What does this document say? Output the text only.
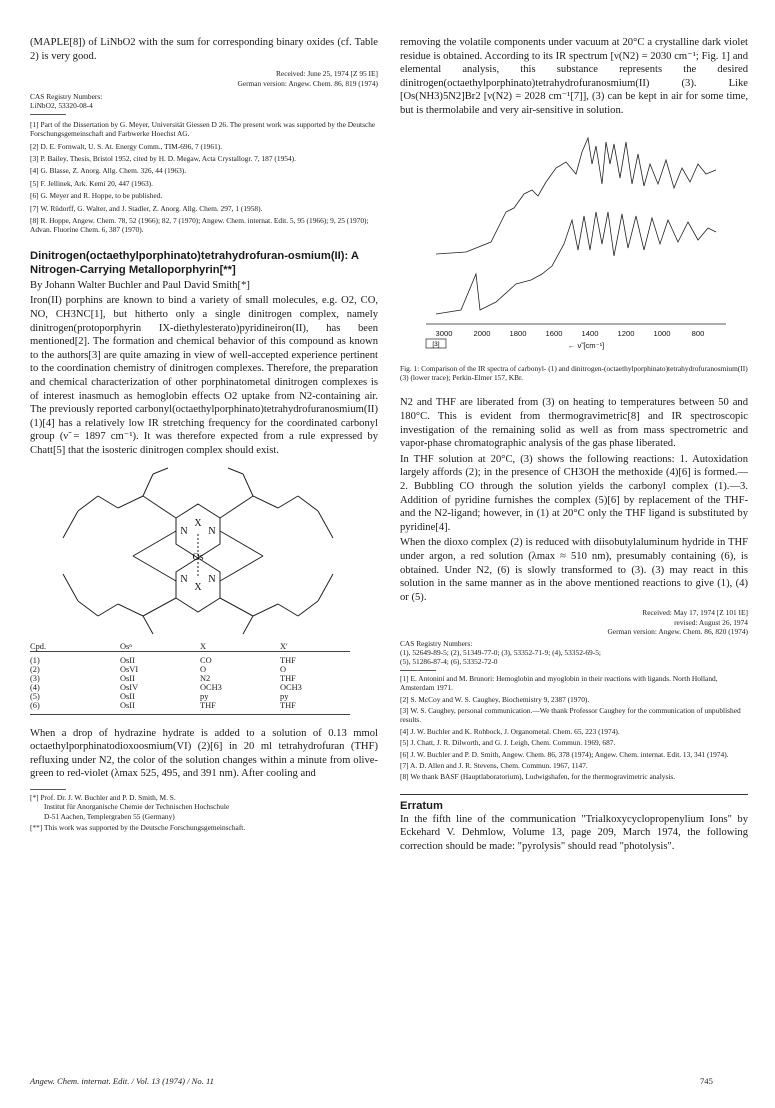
(MAPLE[8]) of LiNbO2 with the sum for corresponding binary oxides (cf. Table 2) is very good.

Received: June 25, 1974 [Z 95 IE]

German version: Angew. Chem. 86, 819 (1974)

CAS Registry Numbers:

LiNbO2, 53320-08-4

[1] Part of the Dissertation by G. Meyer, Universität Giessen D 26. The present work was supported by the Deutsche Forschungsgemeinschaft and Farbwerke Hoechst AG.

[2] D. E. Fornwalt, U. S. At. Energy Comm., TIM-696, 7 (1961).

[3] P. Bailey, Thesis, Bristol 1952, cited by H. D. Megaw, Acta Crystallogr. 7, 187 (1954).

[4] G. Blasse, Z. Anorg. Allg. Chem. 326, 44 (1963).

[5] F. Jellinek, Ark. Kemi 20, 447 (1963).

[6] G. Meyer and R. Hoppe, to be published.

[7] W. Rüdorff, G. Walter, and J. Stadler, Z. Anorg. Allg. Chem. 297, 1 (1958).

[8] R. Hoppe, Angew. Chem. 78, 52 (1966); 82, 7 (1970); Angew. Chem. internat. Edit. 5, 95 (1966); 9, 25 (1970); Advan. Fluorine Chem. 6, 387 (1970).

Dinitrogen(octaethylporphinato)tetrahydrofuran-osmium(II): A Nitrogen-Carrying Metalloporphyrin[**]

By Johann Walter Buchler and Paul David Smith[*]

Iron(II) porphins are known to bind a variety of small molecules, e.g. O2, CO, NO, CH3NC[1], but hitherto only a single dinitrogen complex, namely dinitrogen(protoporphyrin IX-diethylesterato)pyridineiron(II), has been mentioned[2]. The formation and chemical behavior of this compound as known to the authors[3] are quite amazing in view of well-accepted experience pertinent to the coordination chemistry of dinitrogen complexes. Therefore, the preparation and chemical characterization of other porphinatometal dinitrogen complexes is of interest inasmuch as hemoglobin effects O2 uptake from N2-containing air. The previously reported carbonyl(octaethylporphinato)tetrahydrofuranosmium(II) (1)[4] has a relatively low IR stretching frequency for the coordinated carbonyl group (ν̃ = 1897 cm⁻¹). It was therefore expected from a rule expressed by Chatt[5] that the isosteric dinitrogen complex should exist.

N
X
N
Os
N
X
N
Cpd.	Osⁿ	X	X′
(1)	OsII	CO	THF
(2)	OsVI	O	O
(3)	OsII	N2	THF
(4)	OsIV	OCH3	OCH3
(5)	OsII	py	py
(6)	OsII	THF	THF

When a drop of hydrazine hydrate is added to a solution of 0.13 mmol octaethylporphinatodioxoosmium(VI) (2)[6] in 20 ml tetrahydrofuran (THF) refluxing under N2, the color of the solution changes within a minute from olive-green to red-violet (λmax 525, 495, and 391 nm). After cooling and

[*] Prof. Dr. J. W. Buchler and P. D. Smith, M. S.

Institut für Anorganische Chemie der Technischen Hochschule

D-51 Aachen, Templergraben 55 (Germany)

[**] This work was supported by the Deutsche Forschungsgemeinschaft.

removing the volatile components under vacuum at 20°C a crystalline dark violet residue is obtained. According to its IR spectrum [ν(N2) = 2030 cm⁻¹; Fig. 1] and elemental analysis, this substance represents the desired dinitrogen(octaethylporphinato)tetrahydrofuranosmium(II) (3). Like [Os(NH3)5N2]Br2 [ν(N2) = 2028 cm⁻¹[7]], (3) can be kept in air for some time, but is thermolabile and very air-sensitive in solution.

3000	2000	1800	1600	1400	1200	1000	800
← ν̃ [cm⁻¹]
[3]

Fig. 1: Comparison of the IR spectra of carbonyl- (1) and dinitrogen-(octaethylporphinato)tetrahydrofuranosmium(II) (3) (lower trace); Perkin-Elmer 157, KBr.

N2 and THF are liberated from (3) on heating to temperatures between 50 and 180°C. This is evident from thermogravimetric[8] and IR spectroscopic investigation of the remaining solid as well as from mass spectrometric and vapor-phase chromatographic analysis of the gas phase liberated.

In THF solution at 20°C, (3) shows the following reactions: 1. Autoxidation largely affords (2); in the presence of CH3OH the methoxide (4)[6] is formed.—2. Bubbling CO through the solution yields the carbonyl complex (1).—3. Addition of pyridine furnishes the complex (5)[6] by replacement of the THF- and the N2-ligand; however, in (1) at 20°C only the THF ligand is substituted by pyridine[4].

When the dioxo complex (2) is reduced with diisobutylaluminum hydride in THF under argon, a red solution (λmax ≈ 510 nm), presumably containing (6), is obtained. Under N2, (6) is slowly transformed to (3). (3) may react in this solution in the same manner as in the above mentioned reactions to give (1), (4) or (5).

Received: May 17, 1974 [Z 101 IE]

revised: August 26, 1974

German version: Angew. Chem. 86, 820 (1974)

CAS Registry Numbers:

(1), 52649-89-5; (2), 51349-77-0; (3), 53352-71-9; (4), 53352-69-5;

(5), 51286-87-4; (6), 53352-72-0

[1] E. Antonini and M. Brunori: Hemoglobin and myoglobin in their reactions with ligands. North Holland, Amsterdam 1971.

[2] S. McCoy and W. S. Caughey, Biochemistry 9, 2387 (1970).

[3] W. S. Caughey, personal communication.—We thank Professor Caughey for the communication of unpublished results.

[4] J. W. Buchler and K. Rohbock, J. Organometal. Chem. 65, 223 (1974).

[5] J. Chatt, J. R. Dilworth, and G. J. Leigh, Chem. Commun. 1969, 687.

[6] J. W. Buchler and P. D. Smith, Angew. Chem. 86, 378 (1974); Angew. Chem. internat. Edit. 13, 341 (1974).

[7] A. D. Allen and J. R. Stevens, Chem. Commun. 1967, 1147.

[8] We thank BASF (Hauptlaboratorium), Ludwigshafen, for the thermogravimetric analysis.

Erratum

In the fifth line of the communication "Trialkoxycyclopropenylium Ions" by Eckehard V. Dehmlow, Volume 13, page 209, March 1974, the following correction should be made: "pyrolysis" should read "photolysis".

Angew. Chem. internat. Edit. / Vol. 13 (1974) / No. 11	745
